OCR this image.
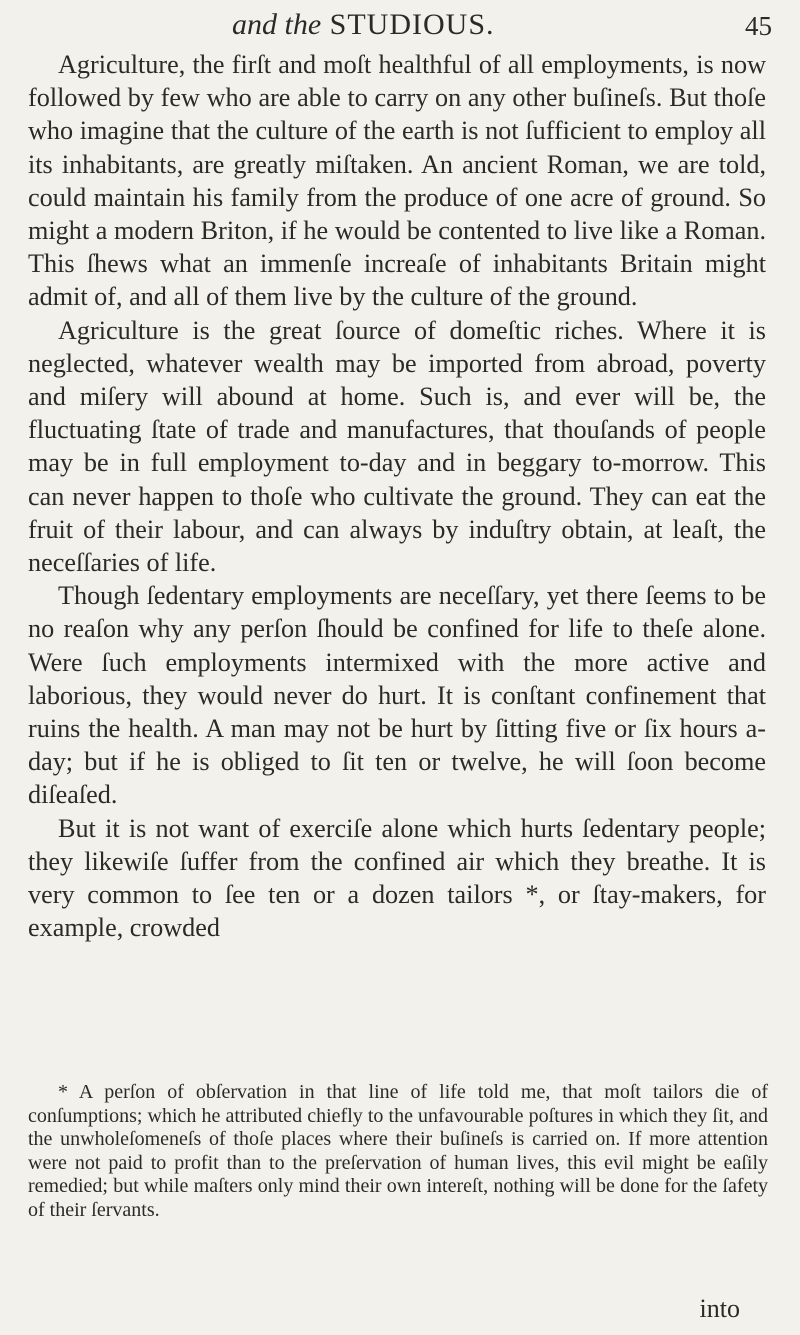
and the STUDIOUS.	45

Agriculture, the firſt and moſt healthful of all employments, is now followed by few who are able to carry on any other buſineſs. But thoſe who imagine that the culture of the earth is not ſufficient to employ all its inhabitants, are greatly miſtaken. An ancient Roman, we are told, could maintain his family from the produce of one acre of ground. So might a modern Briton, if he would be contented to live like a Roman. This ſhews what an immenſe increaſe of inhabitants Britain might admit of, and all of them live by the culture of the ground.

Agriculture is the great ſource of domeſtic riches. Where it is neglected, whatever wealth may be imported from abroad, poverty and miſery will abound at home. Such is, and ever will be, the fluctuating ſtate of trade and manufactures, that thouſands of people may be in full employment to-day and in beggary to-morrow. This can never happen to thoſe who cultivate the ground. They can eat the fruit of their labour, and can always by induſtry obtain, at leaſt, the neceſſaries of life.

Though ſedentary employments are neceſſary, yet there ſeems to be no reaſon why any perſon ſhould be confined for life to theſe alone. Were ſuch employments intermixed with the more active and laborious, they would never do hurt. It is conſtant confinement that ruins the health. A man may not be hurt by ſitting five or ſix hours a-day; but if he is obliged to ſit ten or twelve, he will ſoon become diſeaſed.

But it is not want of exerciſe alone which hurts ſedentary people; they likewiſe ſuffer from the confined air which they breathe. It is very common to ſee ten or a dozen tailors *, or ſtay-makers, for example, crowded

* A perſon of obſervation in that line of life told me, that moſt tailors die of conſumptions; which he attributed chiefly to the unfavourable poſtures in which they ſit, and the unwholeſomeneſs of thoſe places where their buſineſs is carried on. If more attention were not paid to profit than to the preſervation of human lives, this evil might be eaſily remedied; but while maſters only mind their own intereſt, nothing will be done for the ſafety of their ſervants.

into
